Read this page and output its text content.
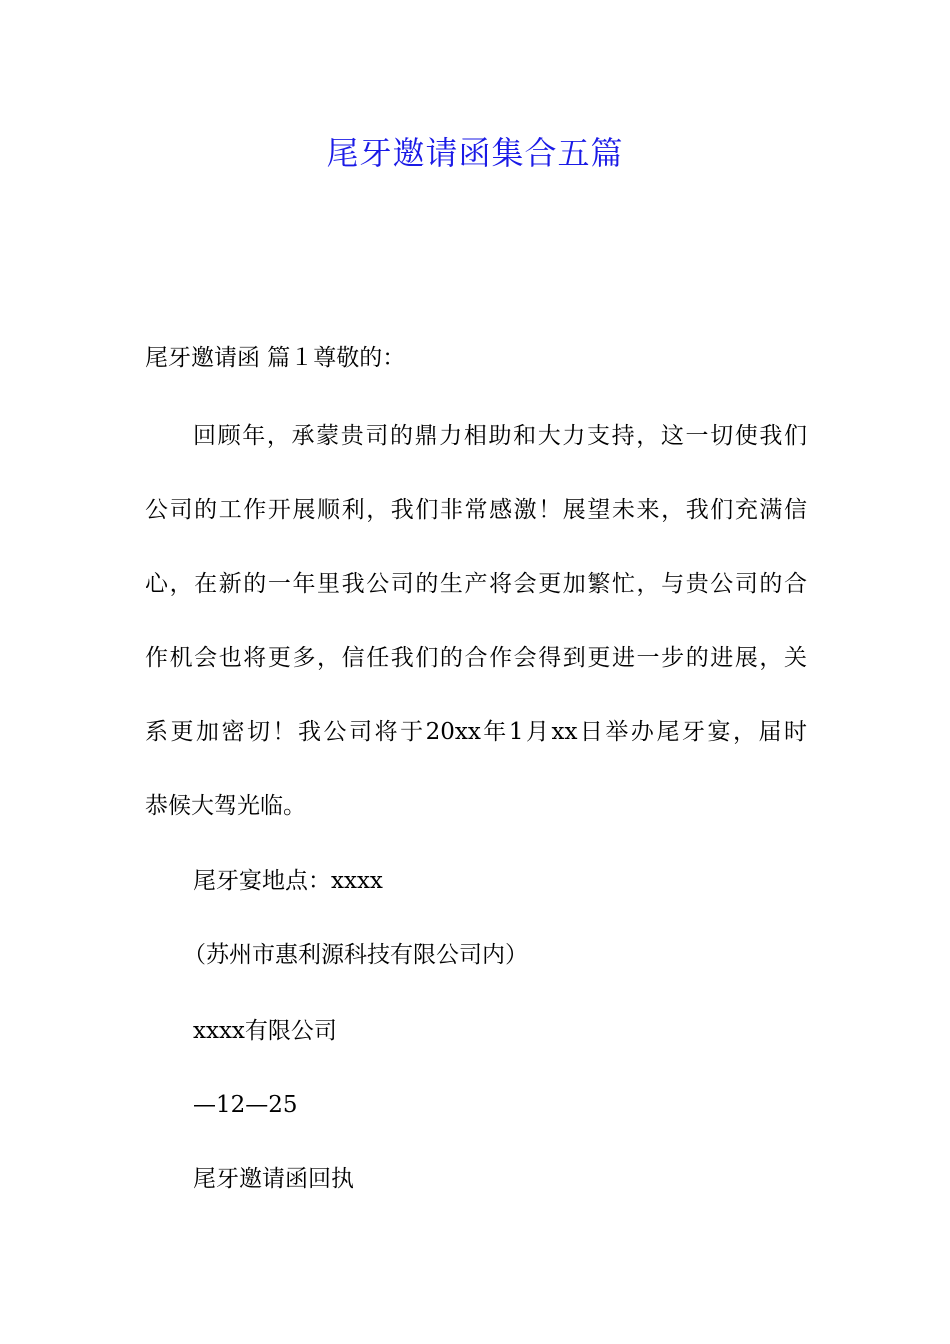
尾牙邀请函集合五篇
尾牙邀请函 篇１尊敬的：
回顾年，承蒙贵司的鼎力相助和大力支持，这一切使我们
公司的工作开展顺利，我们非常感激！展望未来，我们充满信
心，在新的一年里我公司的生产将会更加繁忙，与贵公司的合
作机会也将更多，信任我们的合作会得到更进一步的进展，关
系更加密切！我公司将于20xx年1月xx日举办尾牙宴，届时
恭候大驾光临。
尾牙宴地点：xxxx
（苏州市惠利源科技有限公司内）
xxxx有限公司
—12—25
尾牙邀请函回执
